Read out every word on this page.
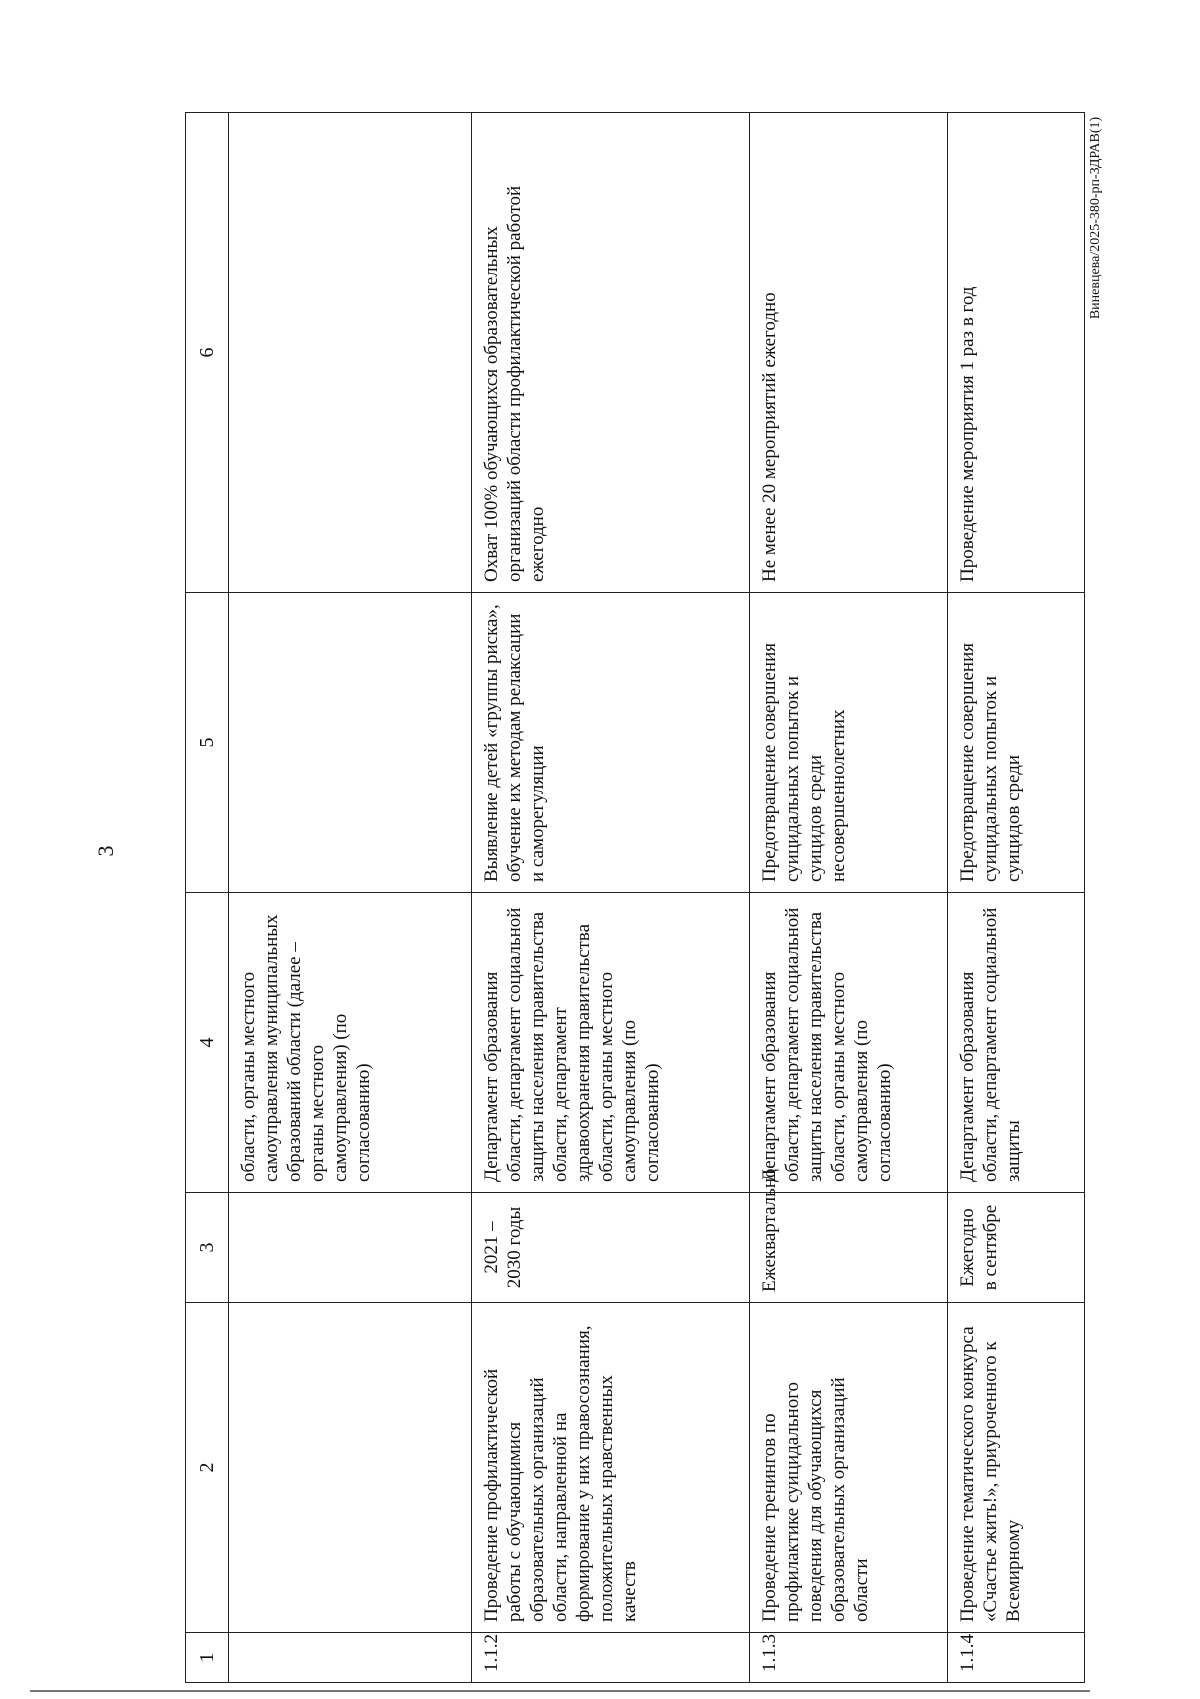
3
1	2	3	4	5	6
			области, органы местного самоуправления муниципальных образований области (далее – органы местного самоуправления) (по согласованию)		
1.1.2	Проведение профилактической работы с обучающимися образовательных организаций области, направленной на формирование у них правосознания, положительных нравственных качеств	2021 – 2030 годы	Департамент образования области, департамент социальной защиты населения правительства области, департамент здравоохранения правительства области, органы местного самоуправления (по согласованию)	Выявление детей «группы риска», обучение их методам релаксации и саморегуляции	Охват 100% обучающихся образовательных организаций области профилактической работой ежегодно
1.1.3	Проведение тренингов по профилактике суицидального поведения для обучающихся образовательных организаций области	Ежеквартально	Департамент образования области, департамент социальной защиты населения правительства области, органы местного самоуправления (по согласованию)	Предотвращение совершения суицидальных попыток и суицидов среди несовершеннолетних	Не менее 20 мероприятий ежегодно
1.1.4	Проведение тематического конкурса «Счастье жить!», приуроченного к Всемирному	Ежегодно в сентябре	Департамент образования области, департамент социальной защиты	Предотвращение совершения суицидальных попыток и суицидов среди	Проведение мероприятия 1 раз в год
Виневцева/2025-380-рп-ЗДРАВ(1)
